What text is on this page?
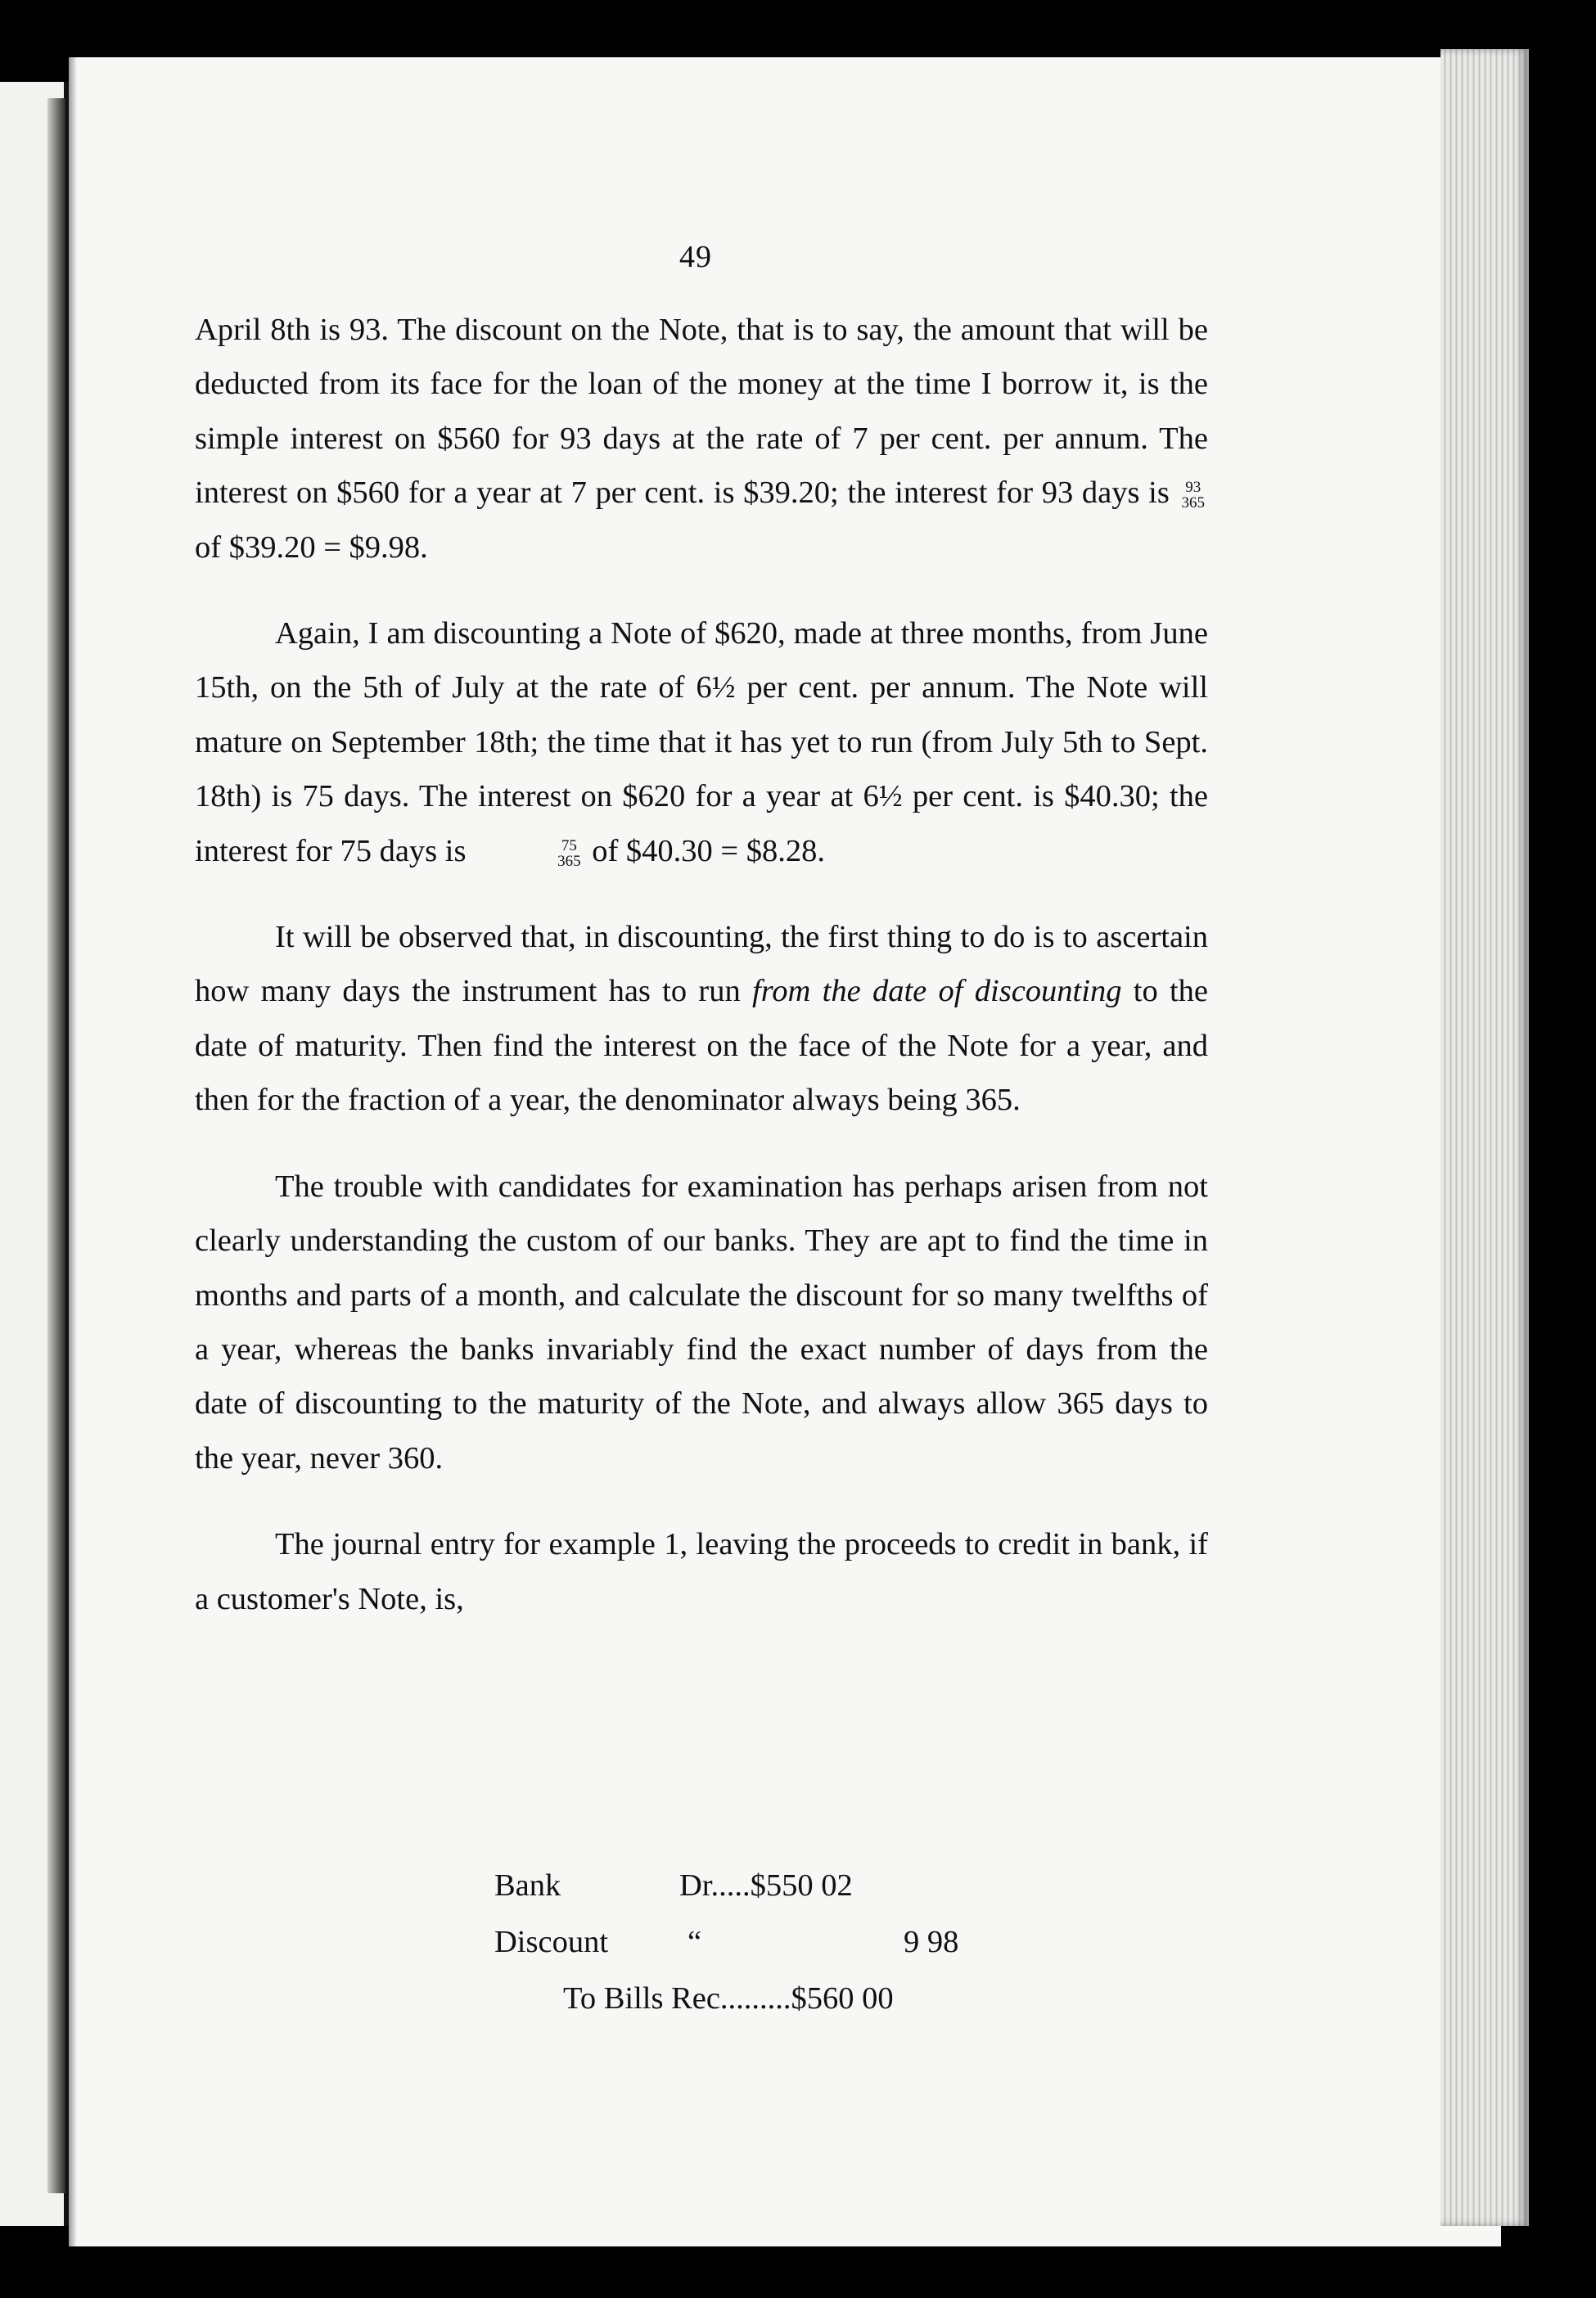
49

April 8th is 93. The discount on the Note, that is to say, the amount that will be deducted from its face for the loan of the money at the time I borrow it, is the simple interest on $560 for 93 days at the rate of 7 per cent. per annum. The interest on $560 for a year at 7 per cent. is $39.20; the interest for 93 days is 93
365
of $39.20 = $9.98.

Again, I am discounting a Note of $620, made at three months, from June 15th, on the 5th of July at the rate of 6½ per cent. per annum. The Note will mature on September 18th; the time that it has yet to run (from July 5th to Sept. 18th) is 75 days. The interest on $620 for a year at 6½ per cent. is $40.30; the interest for 75 days is	75
365 of $40.30 = $8.28.

It will be observed that, in discounting, the first thing to do is to ascertain how many days the instrument has to run from the date of discounting to the date of maturity. Then find the interest on the face of the Note for a year, and then for the fraction of a year, the denominator always being 365.

The trouble with candidates for examination has perhaps arisen from not clearly understanding the custom of our banks. They are apt to find the time in months and parts of a month, and calculate the discount for so many twelfths of a year, whereas the banks invariably find the exact number of days from the date of discounting to the maturity of the Note, and always allow 365 days to the year, never 360.

The journal entry for example 1, leaving the proceeds to credit in bank, if a customer's Note, is,

Bank	Dr.....$550 02
Discount	“	9 98
To Bills Rec.........$560 00
